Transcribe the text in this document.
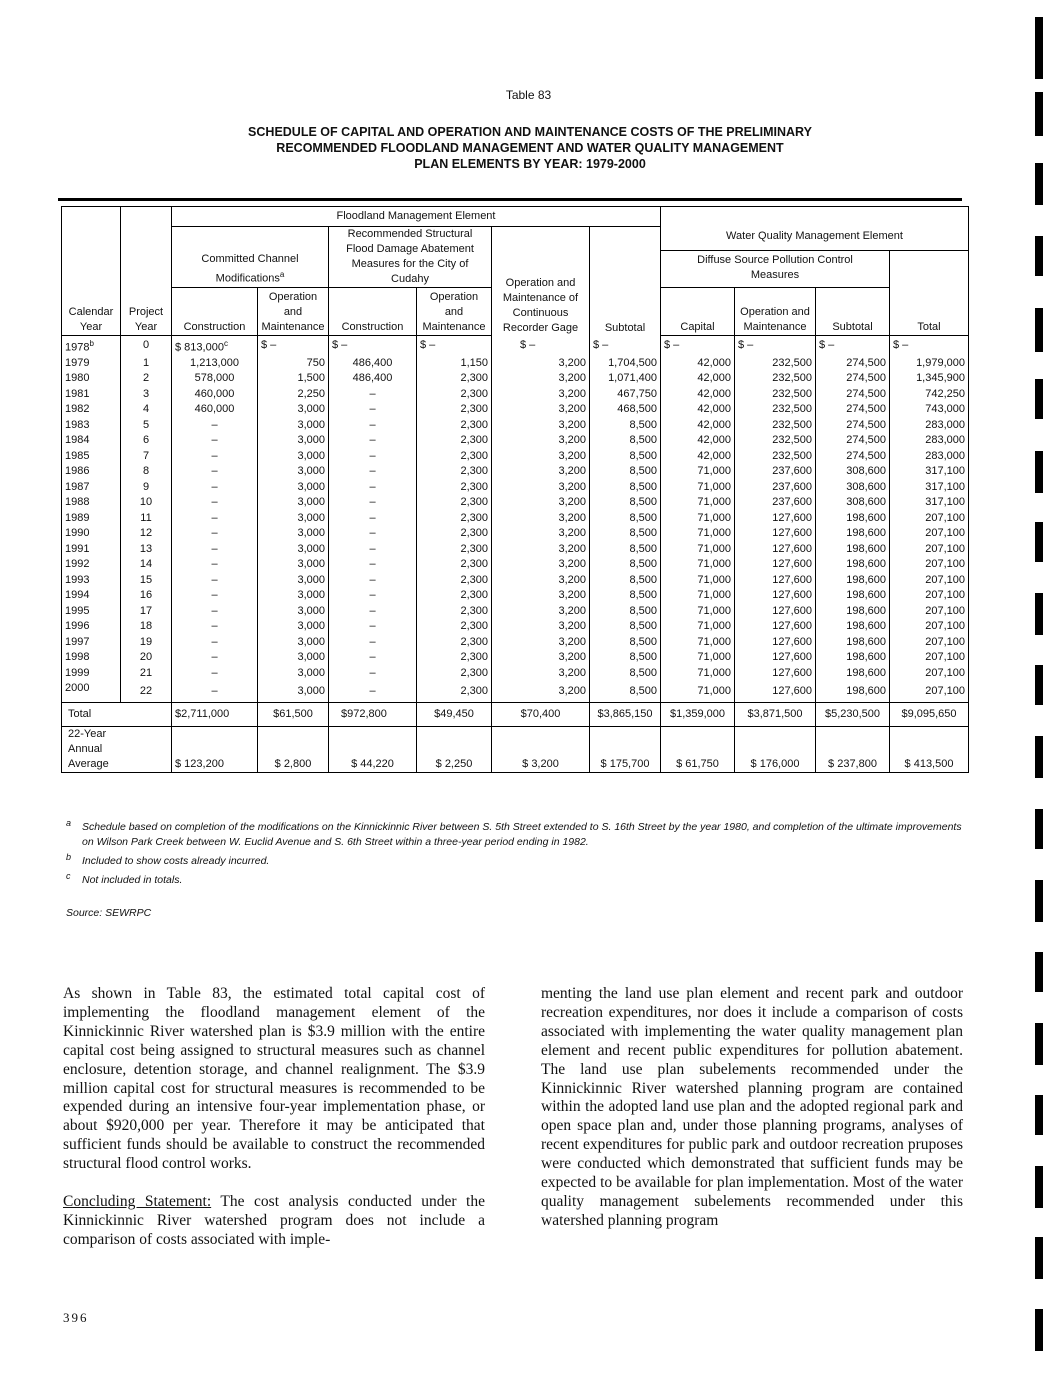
Table 83
SCHEDULE OF CAPITAL AND OPERATION AND MAINTENANCE COSTS OF THE PRELIMINARY
RECOMMENDED FLOODLAND MANAGEMENT AND WATER QUALITY MANAGEMENT
PLAN ELEMENTS BY YEAR: 1979-2000
		Floodland Management Element						Water Quality Management Element			
		Committed Channel Modifications$^a$		Recommended Structural Flood Damage Abatement Measures for the City of Cudahy		Operation and Maintenance of Continuous Recorder Gage	Subtotal				
								Diffuse Source Pollution Control Measures			
Calendar Year	Project Year	Construction	Operation and Maintenance	Construction	Operation and Maintenance			Capital	Operation and Maintenance	Subtotal	Total

1978$^b$	0	$ 813,000$^c$	$ –	$ –	$ –	$ –	$ –	$ –	$ –	$ –	$ –
1979	1	1,213,000	750	486,400	1,150	3,200	1,704,500	42,000	232,500	274,500	1,979,000
1980	2	578,000	1,500	486,400	2,300	3,200	1,071,400	42,000	232,500	274,500	1,345,900
1981	3	460,000	2,250	–	2,300	3,200	467,750	42,000	232,500	274,500	742,250
1982	4	460,000	3,000	–	2,300	3,200	468,500	42,000	232,500	274,500	743,000
1983	5	–	3,000	–	2,300	3,200	8,500	42,000	232,500	274,500	283,000
1984	6	–	3,000	–	2,300	3,200	8,500	42,000	232,500	274,500	283,000
1985	7	–	3,000	–	2,300	3,200	8,500	42,000	232,500	274,500	283,000
1986	8	–	3,000	–	2,300	3,200	8,500	71,000	237,600	308,600	317,100
1987	9	–	3,000	–	2,300	3,200	8,500	71,000	237,600	308,600	317,100
1988	10	–	3,000	–	2,300	3,200	8,500	71,000	237,600	308,600	317,100
1989	11	–	3,000	–	2,300	3,200	8,500	71,000	127,600	198,600	207,100
1990	12	–	3,000	–	2,300	3,200	8,500	71,000	127,600	198,600	207,100
1991	13	–	3,000	–	2,300	3,200	8,500	71,000	127,600	198,600	207,100
1992	14	–	3,000	–	2,300	3,200	8,500	71,000	127,600	198,600	207,100
1993	15	–	3,000	–	2,300	3,200	8,500	71,000	127,600	198,600	207,100
1994	16	–	3,000	–	2,300	3,200	8,500	71,000	127,600	198,600	207,100
1995	17	–	3,000	–	2,300	3,200	8,500	71,000	127,600	198,600	207,100
1996	18	–	3,000	–	2,300	3,200	8,500	71,000	127,600	198,600	207,100
1997	19	–	3,000	–	2,300	3,200	8,500	71,000	127,600	198,600	207,100
1998	20	–	3,000	–	2,300	3,200	8,500	71,000	127,600	198,600	207,100
1999	21	–	3,000	–	2,300	3,200	8,500	71,000	127,600	198,600	207,100
2000	22	–	3,000	–	2,300	3,200	8,500	71,000	127,600	198,600	207,100
Total		$2,711,000	$61,500	$972,800	$49,450	$70,400	$3,865,150	$1,359,000	$3,871,500	$5,230,500	$9,095,650

22-Year Annual Average		$ 123,200	$ 2,800	$ 44,220	$ 2,250	$ 3,200	$ 175,700	$ 61,750	$ 176,000	$ 237,800	$ 413,500
a Schedule based on completion of the modifications on the Kinnickinnic River between S. 5th Street extended to S. 16th Street by the year 1980, and completion of the ultimate improvements on Wilson Park Creek between W. Euclid Avenue and S. 6th Street within a three-year period ending in 1982.
b Included to show costs already incurred.
c Not included in totals.
Source: SEWRPC

As shown in Table 83, the estimated total capital cost of implementing the floodland management element of the Kinnickinnic River watershed plan is $3.9 million with the entire capital cost being assigned to structural measures such as channel enclosure, detention storage, and channel realignment. The $3.9 million capital cost for structural measures is recommended to be expended during an intensive four-year implementation phase, or about $920,000 per year. Therefore it may be anticipated that sufficient funds should be available to construct the recommended structural flood control works.

Concluding Statement: The cost analysis conducted under the Kinnickinnic River watershed program does not include a comparison of costs associated with imple-

menting the land use plan element and recent park and outdoor recreation expenditures, nor does it include a comparison of costs associated with implementing the water quality management plan element and recent public expenditures for pollution abatement. The land use plan subelements recommended under the Kinnickinnic River watershed planning program are contained within the adopted land use plan and the adopted regional park and open space plan and, under those planning programs, analyses of recent expenditures for public park and outdoor recreation pruposes were conducted which demonstrated that sufficient funds may be expected to be available for plan implementation. Most of the water quality management subelements recommended under this watershed planning program

396
